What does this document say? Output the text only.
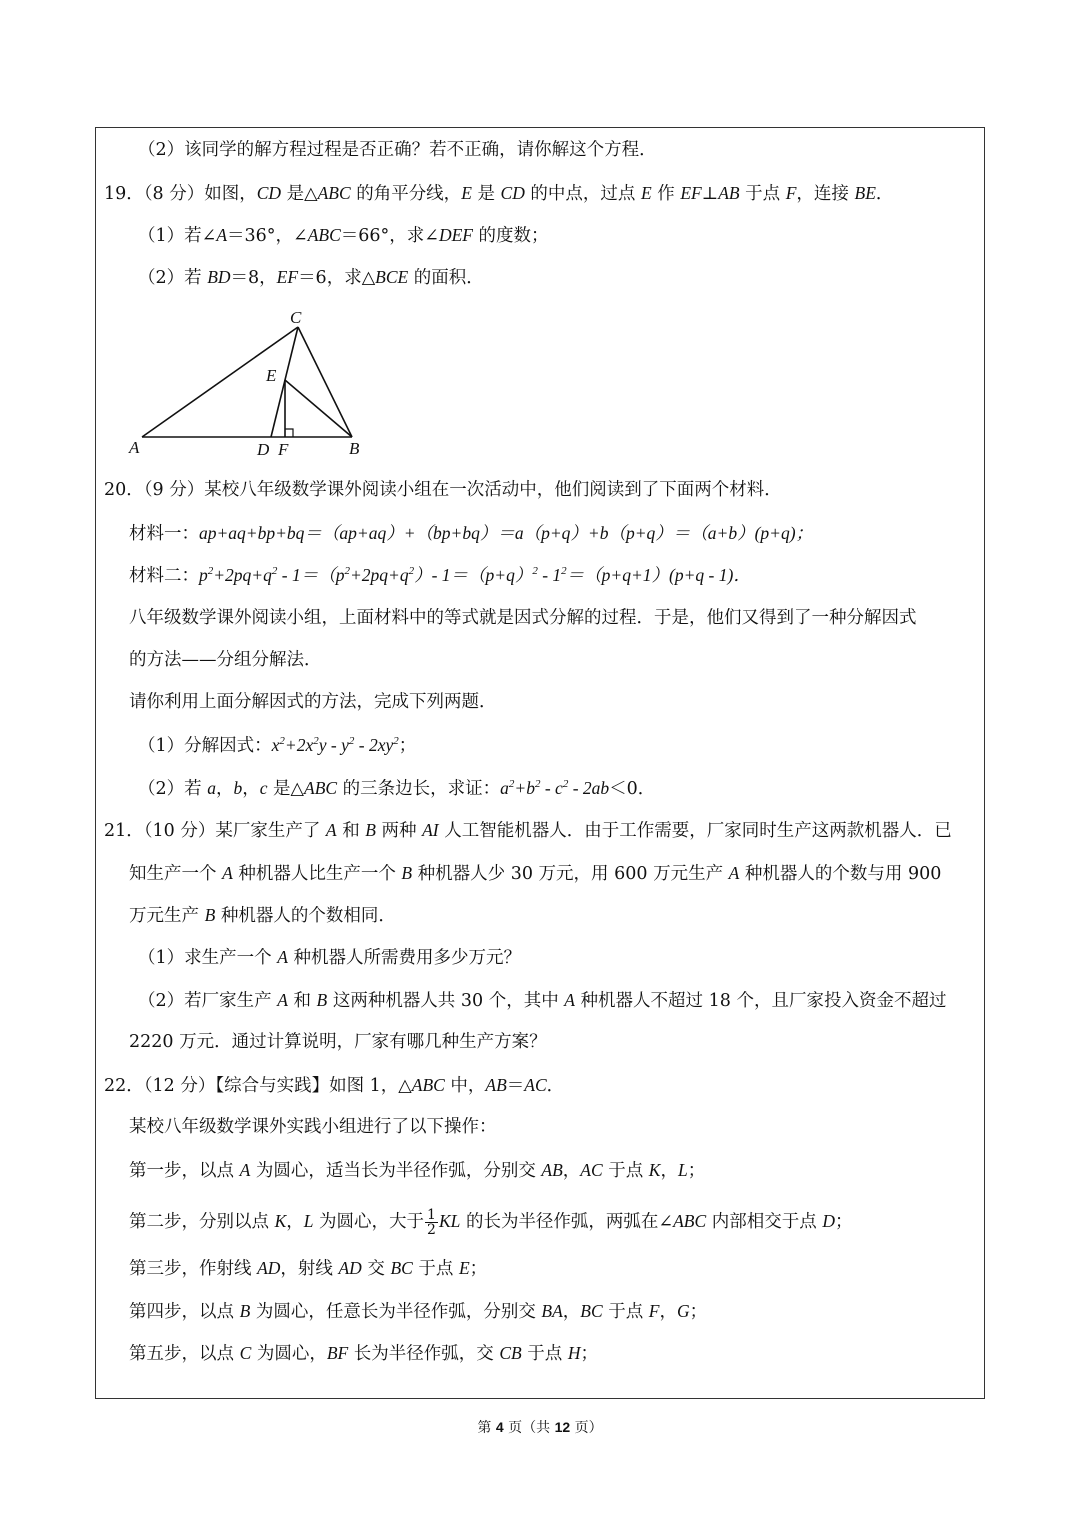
（2）该同学的解方程过程是否正确？若不正确，请你解这个方程．
19．（8 分）如图，CD 是△ABC 的角平分线，E 是 CD 的中点，过点 E 作 EF⊥AB 于点 F，连接 BE．
（1）若∠A＝36°，∠ABC＝66°，求∠DEF 的度数；
（2）若 BD＝8，EF＝6，求△BCE 的面积．
C
E
A	D F	B
20．（9 分）某校八年级数学课外阅读小组在一次活动中，他们阅读到了下面两个材料．
材料一：ap+aq+bp+bq＝（ap+aq）+（bp+bq）＝a（p+q）+b（p+q）＝（a+b）(p+q)；
材料二：$p^2+2pq+q^2 - 1=(p^2+2pq+q^2)-$ $1=(p+q)^2 - 1^2=(p+q+1)(p+q - 1)$．
八年级数学课外阅读小组，上面材料中的等式就是因式分解的过程．于是，他们又得到了一种分解因式
的方法——分组分解法．
请你利用上面分解因式的方法，完成下列两题．
（1）分解因式：$x^2+2x^2y - y^2 - 2xy^2$；
（2）若 a，b，c 是△ABC 的三条边长，求证：$a^2+b^2 - c^2 - 2ab<0$．
21．（10 分）某厂家生产了 A 和 B 两种 AI 人工智能机器人．由于工作需要，厂家同时生产这两款机器人．已
知生产一个 A 种机器人比生产一个 B 种机器人少 30 万元，用 600 万元生产 A 种机器人的个数与用 900
万元生产 B 种机器人的个数相同．
（1）求生产一个 A 种机器人所需费用多少万元？
（2）若厂家生产 A 和 B 这两种机器人共 30 个，其中 A 种机器人不超过 18 个，且厂家投入资金不超过
2220 万元．通过计算说明，厂家有哪几种生产方案？
22．（12 分）【综合与实践】如图 1，△ABC 中，AB＝AC．
某校八年级数学课外实践小组进行了以下操作：
第一步，以点 A 为圆心，适当长为半径作弧，分别交 AB，AC 于点 K，L；
第二步，分别以点 K，L 为圆心，大于 $\frac{1}{2}$ KL 的长为半径作弧，两弧在∠ABC 内部相交于点 D；
第三步，作射线 AD，射线 AD 交 BC 于点 E；
第四步，以点 B 为圆心，任意长为半径作弧，分别交 BA，BC 于点 F，G；
第五步，以点 C 为圆心，BF 长为半径作弧，交 CB 于点 H；
第 4 页（共 12 页）
